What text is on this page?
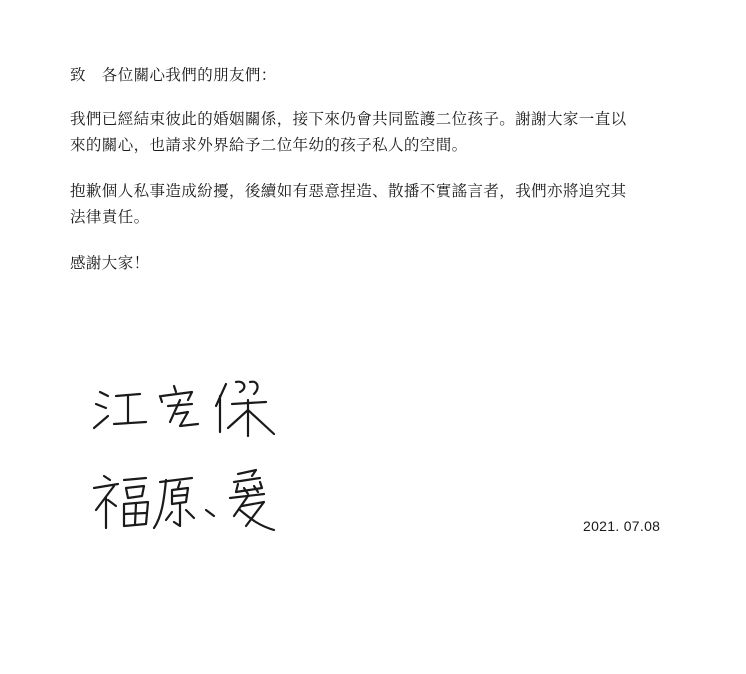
致　各位關心我們的朋友們：

我們已經結束彼此的婚姻關係，接下來仍會共同監護二位孩子。謝謝大家一直以
來的關心，也請求外界給予二位年幼的孩子私人的空間。

抱歉個人私事造成紛擾，後續如有惡意捏造、散播不實謠言者，我們亦將追究其
法律責任。

感謝大家！

2021. 07.08
